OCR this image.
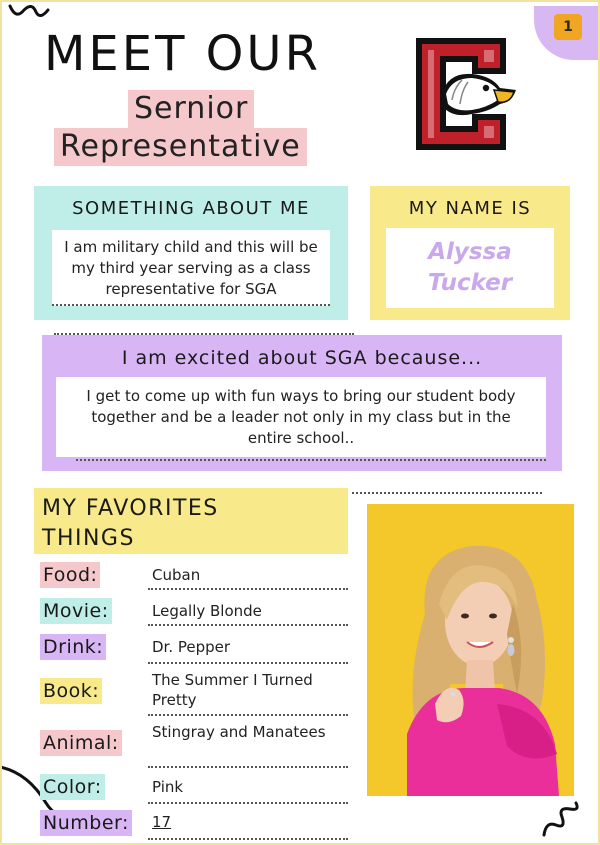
1
MEET OUR
Sernior
Representative
SOMETHING ABOUT ME
I am military child and this will be my third year serving as a class representative for SGA
MY NAME IS
Alyssa
Tucker
I am excited about SGA because...
I get to come up with fun ways to bring our student body together and be a leader not only in my class but in the entire school..
MY FAVORITES
THINGS
Food:	Cuban
Movie:	Legally Blonde
Drink:	Dr. Pepper
Book:	The Summer I Turned Pretty
Animal: Stingray and Manatees
Color:	Pink
Number: 17
